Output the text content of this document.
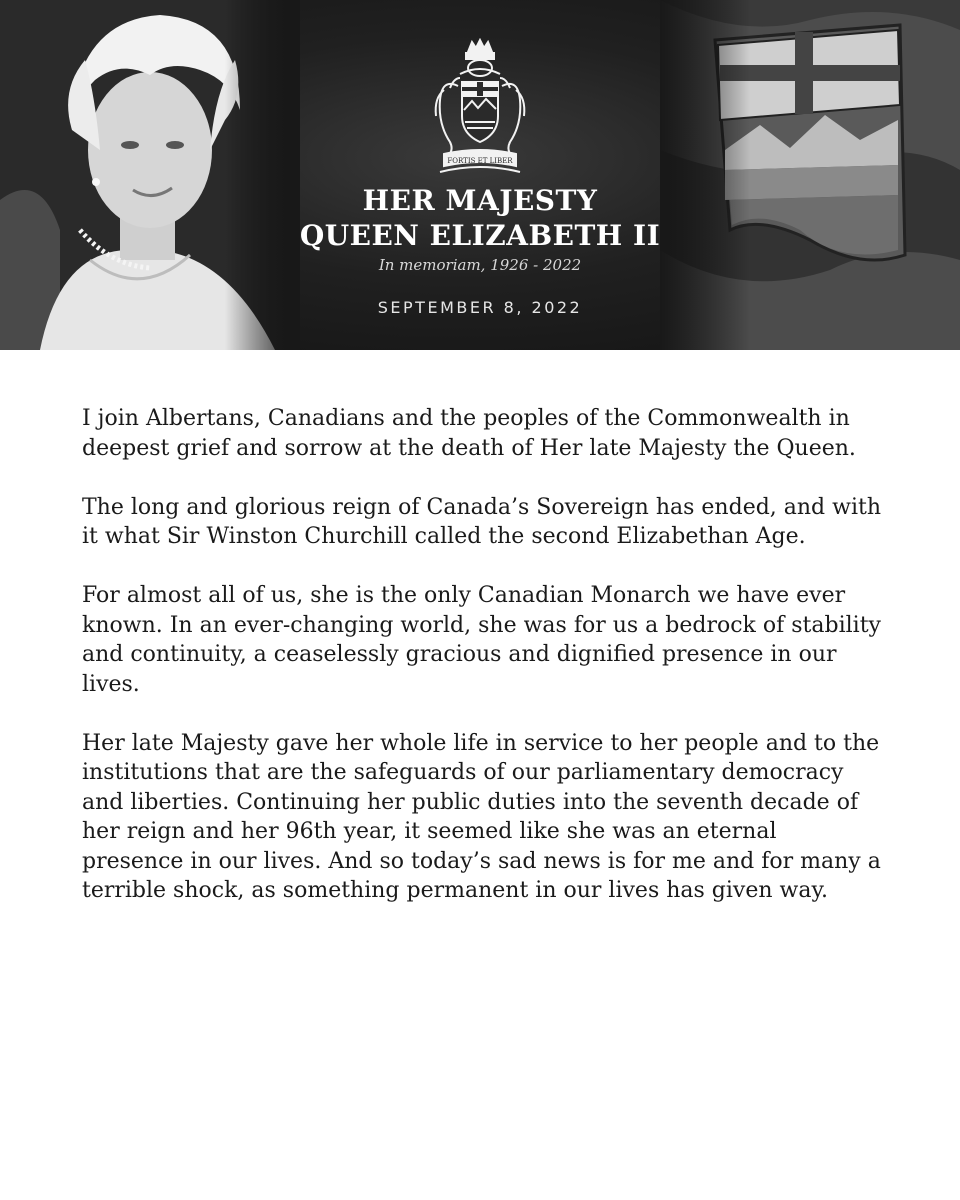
FORTIS ET LIBER
HER MAJESTY
QUEEN ELIZABETH II
In memoriam, 1926 - 2022
SEPTEMBER 8, 2022

I join Albertans, Canadians and the peoples of the Commonwealth in deepest grief and sorrow at the death of Her late Majesty the Queen.

The long and glorious reign of Canada’s Sovereign has ended, and with it what Sir Winston Churchill called the second Elizabethan Age.

For almost all of us, she is the only Canadian Monarch we have ever known. In an ever-changing world, she was for us a bedrock of stability and continuity, a ceaselessly gracious and dignified presence in our lives.

Her late Majesty gave her whole life in service to her people and to the institutions that are the safeguards of our parliamentary democracy and liberties. Continuing her public duties into the seventh decade of her reign and her 96th year, it seemed like she was an eternal presence in our lives. And so today’s sad news is for me and for many a terrible shock, as something permanent in our lives has given way.
